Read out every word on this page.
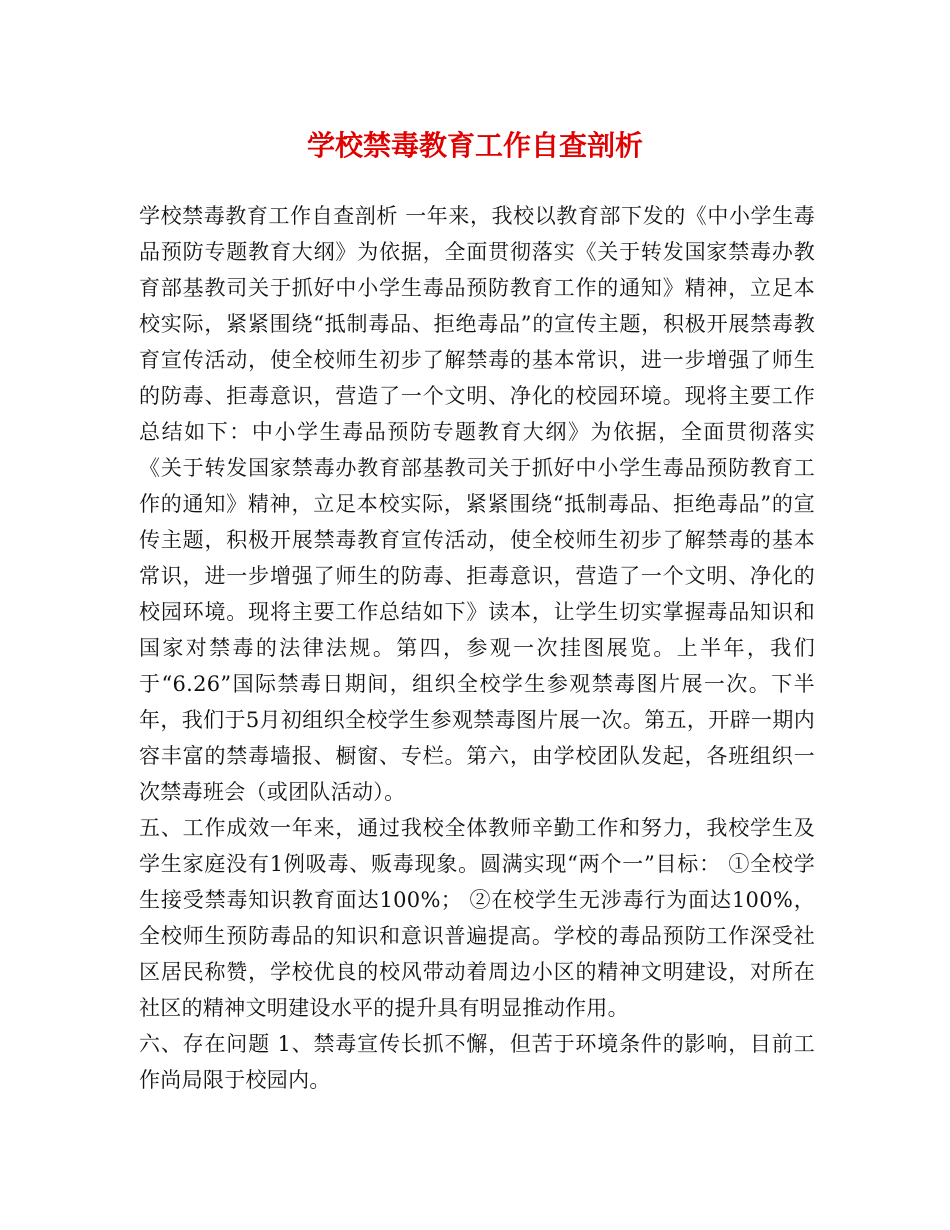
学校禁毒教育工作自查剖析

学校禁毒教育工作自查剖析 一年来，我校以教育部下发的《中小学生毒品预防专题教育大纲》为依据，全面贯彻落实《关于转发国家禁毒办教育部基教司关于抓好中小学生毒品预防教育工作的通知》精神，立足本校实际，紧紧围绕“抵制毒品、拒绝毒品”的宣传主题，积极开展禁毒教育宣传活动，使全校师生初步了解禁毒的基本常识，进一步增强了师生的防毒、拒毒意识，营造了一个文明、净化的校园环境。现将主要工作总结如下：中小学生毒品预防专题教育大纲》为依据，全面贯彻落实《关于转发国家禁毒办教育部基教司关于抓好中小学生毒品预防教育工作的通知》精神，立足本校实际，紧紧围绕“抵制毒品、拒绝毒品”的宣传主题，积极开展禁毒教育宣传活动，使全校师生初步了解禁毒的基本常识，进一步增强了师生的防毒、拒毒意识，营造了一个文明、净化的校园环境。现将主要工作总结如下》读本，让学生切实掌握毒品知识和国家对禁毒的法律法规。第四，参观一次挂图展览。上半年，我们于“6.26”国际禁毒日期间，组织全校学生参观禁毒图片展一次。下半年，我们于5月初组织全校学生参观禁毒图片展一次。第五，开辟一期内容丰富的禁毒墙报、橱窗、专栏。第六，由学校团队发起，各班组织一次禁毒班会（或团队活动）。

五、工作成效一年来，通过我校全体教师辛勤工作和努力，我校学生及学生家庭没有1例吸毒、贩毒现象。圆满实现“两个一”目标： ①全校学生接受禁毒知识教育面达100%； ②在校学生无涉毒行为面达100%，全校师生预防毒品的知识和意识普遍提高。学校的毒品预防工作深受社区居民称赞，学校优良的校风带动着周边小区的精神文明建设，对所在社区的精神文明建设水平的提升具有明显推动作用。

六、存在问题 1、禁毒宣传长抓不懈，但苦于环境条件的影响，目前工作尚局限于校园内。
